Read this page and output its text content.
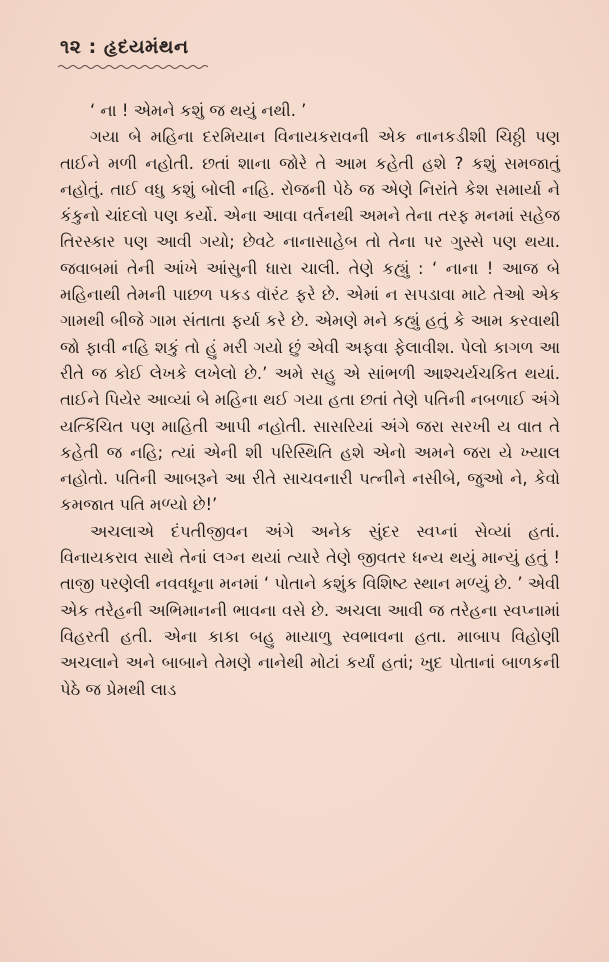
૧૨ : હૃદયમંથન

‘ ના ! એમને કશું જ થયું નથી. ’

ગયા બે મહિના દરમિયાન વિનાયકરાવની એક નાનકડીશી ચિઠ્ઠી પણ તાઈને મળી નહોતી. છતાં શાના જોરે તે આમ કહેતી હશે ? કશું સમજાતું નહોતું. તાઈ વધુ કશું બોલી નહિ. રોજની પેઠે જ એણે નિરાંતે કેશ સમાર્યા ને કંકુનો ચાંદલો પણ કર્યો. એના આવા વર્તનથી અમને તેના તરફ મનમાં સહેજ તિરસ્કાર પણ આવી ગયો; છેવટે નાનાસાહેબ તો તેના પર ગુસ્સે પણ થયા. જવાબમાં તેની આંખે આંસુની ધારા ચાલી. તેણે કહ્યું : ‘ નાના ! આજ બે મહિનાથી તેમની પાછળ પકડ વૉરંટ ફરે છે. એમાં ન સપડાવા માટે તેઓ એક ગામથી બીજે ગામ સંતાતા ફર્યા કરે છે. એમણે મને કહ્યું હતું કે આમ કરવાથી જો ફાવી નહિ શકું તો હું મરી ગયો છું એવી અફવા ફેલાવીશ. પેલો કાગળ આ રીતે જ કોઈ લેખકે લખેલો છે.’ અમે સહુ એ સાંભળી આશ્ચર્યચકિત થયાં. તાઈને પિયેર આવ્યાં બે મહિના થઈ ગયા હતા છતાં તેણે પતિની નબળાઈ અંગે યત્કિંચિત પણ માહિતી આપી નહોતી. સાસરિયાં અંગે જરા સરખી ય વાત તે કહેતી જ નહિ; ત્યાં એની શી પરિસ્થિતિ હશે એનો અમને જરા યે ખ્યાલ નહોતો. પતિની આબરૂને આ રીતે સાચવનારી પત્નીને નસીબે, જુઓ ને, કેવો કમજાત પતિ મળ્યો છે!’

અચલાએ દંપતીજીવન અંગે અનેક સુંદર સ્વપ્નાં સેવ્યાં હતાં. વિનાયકરાવ સાથે તેનાં લગ્ન થયાં ત્યારે તેણે જીવતર ધન્ય થયું માન્યું હતું ! તાજી પરણેલી નવવધૂના મનમાં ‘ પોતાને કશુંક વિશિષ્ટ સ્થાન મળ્યું છે. ’ એવી એક તરેહની અભિમાનની ભાવના વસે છે. અચલા આવી જ તરેહના સ્વપ્નામાં વિહરતી હતી. એના કાકા બહુ માયાળુ સ્વભાવના હતા. માબાપ વિહોણી અચલાને અને બાબાને તેમણે નાનેથી મોટાં કર્યાં હતાં; ખુદ પોતાનાં બાળકની પેઠે જ પ્રેમથી લાડ
